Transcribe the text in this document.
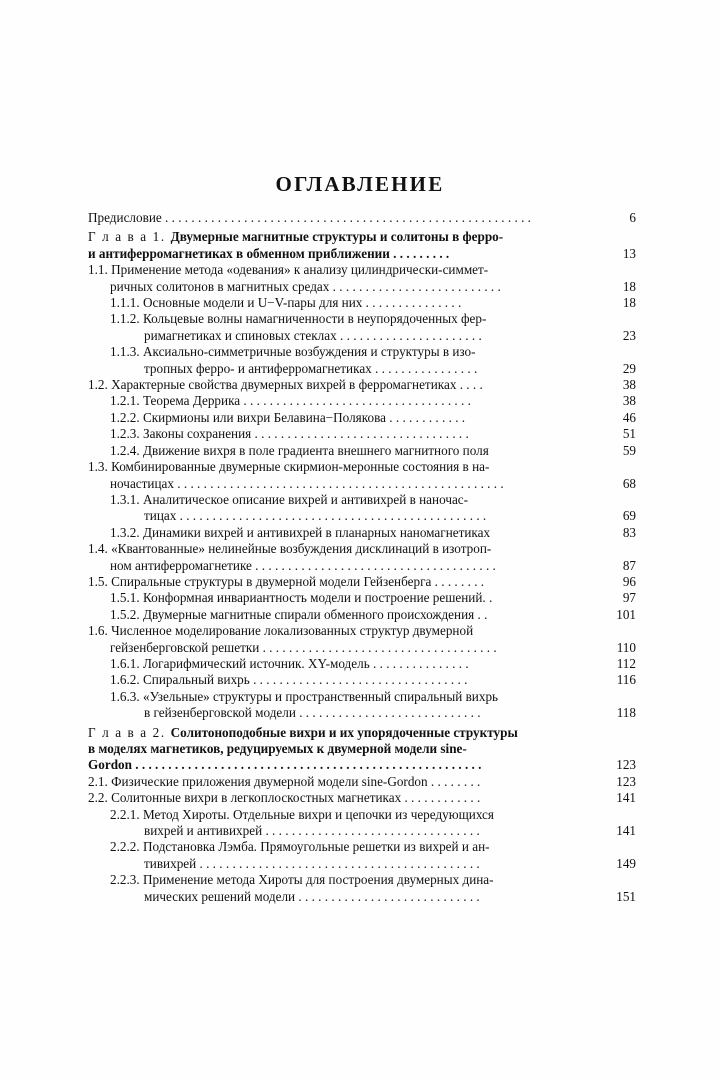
ОГЛАВЛЕНИЕ
Предисловие . . . . . . . . . . . . . . . . . . . . . . . . . . . . . . . . . . . . . . . . . . . . . . . . . . . . . . . .	6
Г л а в а 1. Двумерные магнитные структуры и солитоны в ферро-
и антиферромагнетиках в обменном приближении . . . . . . . . .	13
1.1. Применение метода «одевания» к анализу цилиндрически-симмет-
ричных солитонов в магнитных средах . . . . . . . . . . . . . . . . . . . . . . . . . .	18
1.1.1. Основные модели и U−V-пары для них . . . . . . . . . . . . . . .	18
1.1.2. Кольцевые волны намагниченности в неупорядоченных фер-
римагнетиках и спиновых стеклах . . . . . . . . . . . . . . . . . . . . . .	23
1.1.3. Аксиально-симметричные возбуждения и структуры в изо-
тропных ферро- и антиферромагнетиках . . . . . . . . . . . . . . . .	29
1.2. Характерные свойства двумерных вихрей в ферромагнетиках . . . .	38
1.2.1. Теорема Деррика . . . . . . . . . . . . . . . . . . . . . . . . . . . . . . . . . . .	38
1.2.2. Скирмионы или вихри Белавина−Полякова . . . . . . . . . . . .	46
1.2.3. Законы сохранения . . . . . . . . . . . . . . . . . . . . . . . . . . . . . . . . .	51
1.2.4. Движение вихря в поле градиента внешнего магнитного поля	59
1.3. Комбинированные двумерные скирмион-меронные состояния в на-
ночастицах . . . . . . . . . . . . . . . . . . . . . . . . . . . . . . . . . . . . . . . . . . . . . . . . . .	68
1.3.1. Аналитическое описание вихрей и антивихрей в наночас-
тицах . . . . . . . . . . . . . . . . . . . . . . . . . . . . . . . . . . . . . . . . . . . . . . .	69
1.3.2. Динамики вихрей и антивихрей в планарных наномагнетиках	83
1.4. «Квантованные» нелинейные возбуждения дисклинаций в изотроп-
ном антиферромагнетике . . . . . . . . . . . . . . . . . . . . . . . . . . . . . . . . . . . . .	87
1.5. Спиральные структуры в двумерной модели Гейзенберга . . . . . . . .	96
1.5.1. Конформная инвариантность модели и построение решений. .	97
1.5.2. Двумерные магнитные спирали обменного происхождения . .	101
1.6. Численное моделирование локализованных структур двумерной
гейзенберговской решетки . . . . . . . . . . . . . . . . . . . . . . . . . . . . . . . . . . . .	110
1.6.1. Логарифмический источник. XY-модель . . . . . . . . . . . . . . .	112
1.6.2. Спиральный вихрь . . . . . . . . . . . . . . . . . . . . . . . . . . . . . . . . .	116
1.6.3. «Узельные» структуры и пространственный спиральный вихрь
в гейзенберговской модели . . . . . . . . . . . . . . . . . . . . . . . . . . . .	118
Г л а в а 2. Солитоноподобные вихри и их упорядоченные структуры
в моделях магнетиков, редуцируемых к двумерной модели sine-
Gordon . . . . . . . . . . . . . . . . . . . . . . . . . . . . . . . . . . . . . . . . . . . . . . . . . . . . .	123
2.1. Физические приложения двумерной модели sine-Gordon . . . . . . . .	123
2.2. Солитонные вихри в легкоплоскостных магнетиках . . . . . . . . . . . .	141
2.2.1. Метод Хироты. Отдельные вихри и цепочки из чередующихся
вихрей и антивихрей . . . . . . . . . . . . . . . . . . . . . . . . . . . . . . . . .	141
2.2.2. Подстановка Лэмба. Прямоугольные решетки из вихрей и ан-
тивихрей . . . . . . . . . . . . . . . . . . . . . . . . . . . . . . . . . . . . . . . . . . .	149
2.2.3. Применение метода Хироты для построения двумерных дина-
мических решений модели . . . . . . . . . . . . . . . . . . . . . . . . . . . .	151
